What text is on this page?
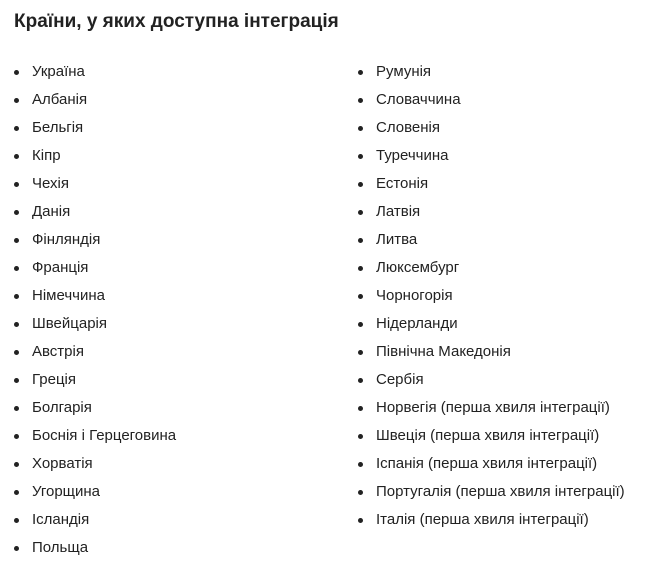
Країни, у яких доступна інтеграція
Україна
Албанія
Бельгія
Кіпр
Чехія
Данія
Фінляндія
Франція
Німеччина
Швейцарія
Австрія
Греція
Болгарія
Боснія і Герцеговина
Хорватія
Угорщина
Ісландія
Польща
Румунія
Словаччина
Словенія
Туреччина
Естонія
Латвія
Литва
Люксембург
Чорногорія
Нідерланди
Північна Македонія
Сербія
Норвегія (перша хвиля інтеграції)
Швеція (перша хвиля інтеграції)
Іспанія (перша хвиля інтеграції)
Португалія (перша хвиля інтеграції)
Італія (перша хвиля інтеграції)
